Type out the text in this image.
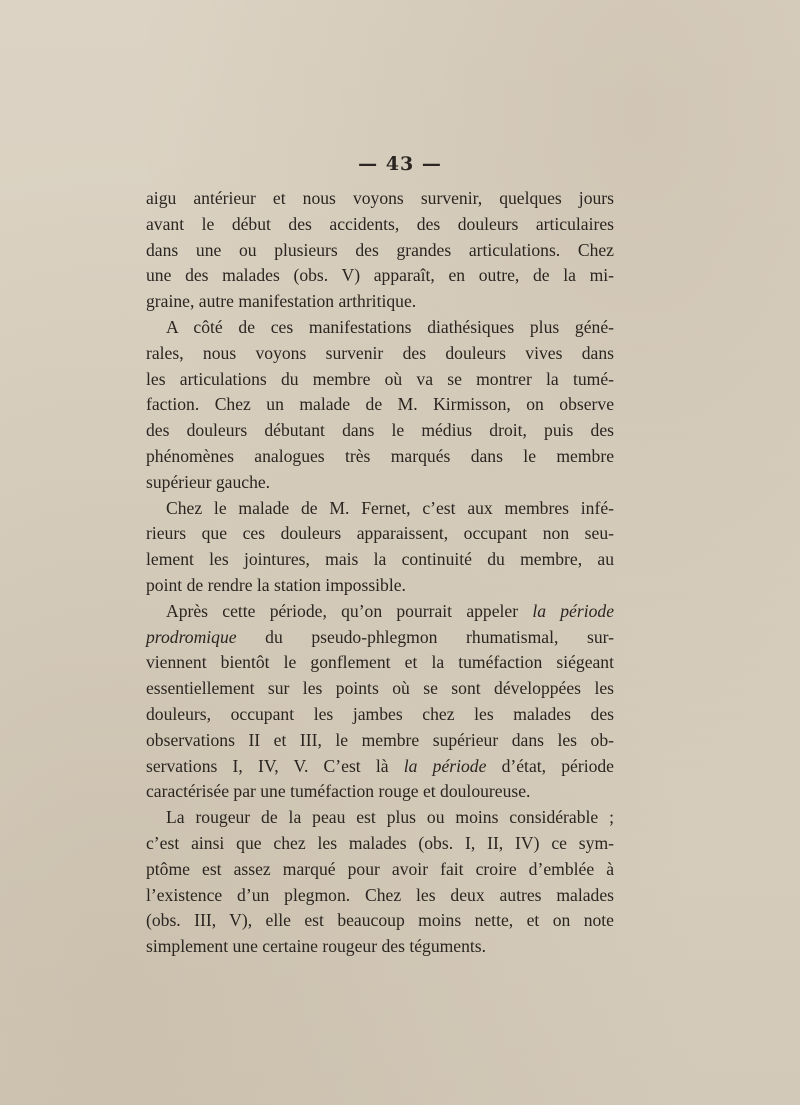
— 43 —
aigu antérieur et nous voyons survenir, quelques jours
avant le début des accidents, des douleurs articulaires
dans une ou plusieurs des grandes articulations. Chez
une des malades (obs. V) apparaît, en outre, de la mi-
graine, autre manifestation arthritique.
A côté de ces manifestations diathésiques plus géné-
rales, nous voyons survenir des douleurs vives dans
les articulations du membre où va se montrer la tumé-
faction. Chez un malade de M. Kirmisson, on observe
des douleurs débutant dans le médius droit, puis des
phénomènes analogues très marqués dans le membre
supérieur gauche.
Chez le malade de M. Fernet, c’est aux membres infé-
rieurs que ces douleurs apparaissent, occupant non seu-
lement les jointures, mais la continuité du membre, au
point de rendre la station impossible.
Après cette période, qu’on pourrait appeler la période
prodromique du pseudo-phlegmon rhumatismal, sur-
viennent bientôt le gonflement et la tuméfaction siégeant
essentiellement sur les points où se sont développées les
douleurs, occupant les jambes chez les malades des
observations II et III, le membre supérieur dans les ob-
servations I, IV, V. C’est là la période d’état, période
caractérisée par une tuméfaction rouge et douloureuse.
La rougeur de la peau est plus ou moins considérable ;
c’est ainsi que chez les malades (obs. I, II, IV) ce sym-
ptôme est assez marqué pour avoir fait croire d’emblée à
l’existence d’un plegmon. Chez les deux autres malades
(obs. III, V), elle est beaucoup moins nette, et on note
simplement une certaine rougeur des téguments.
